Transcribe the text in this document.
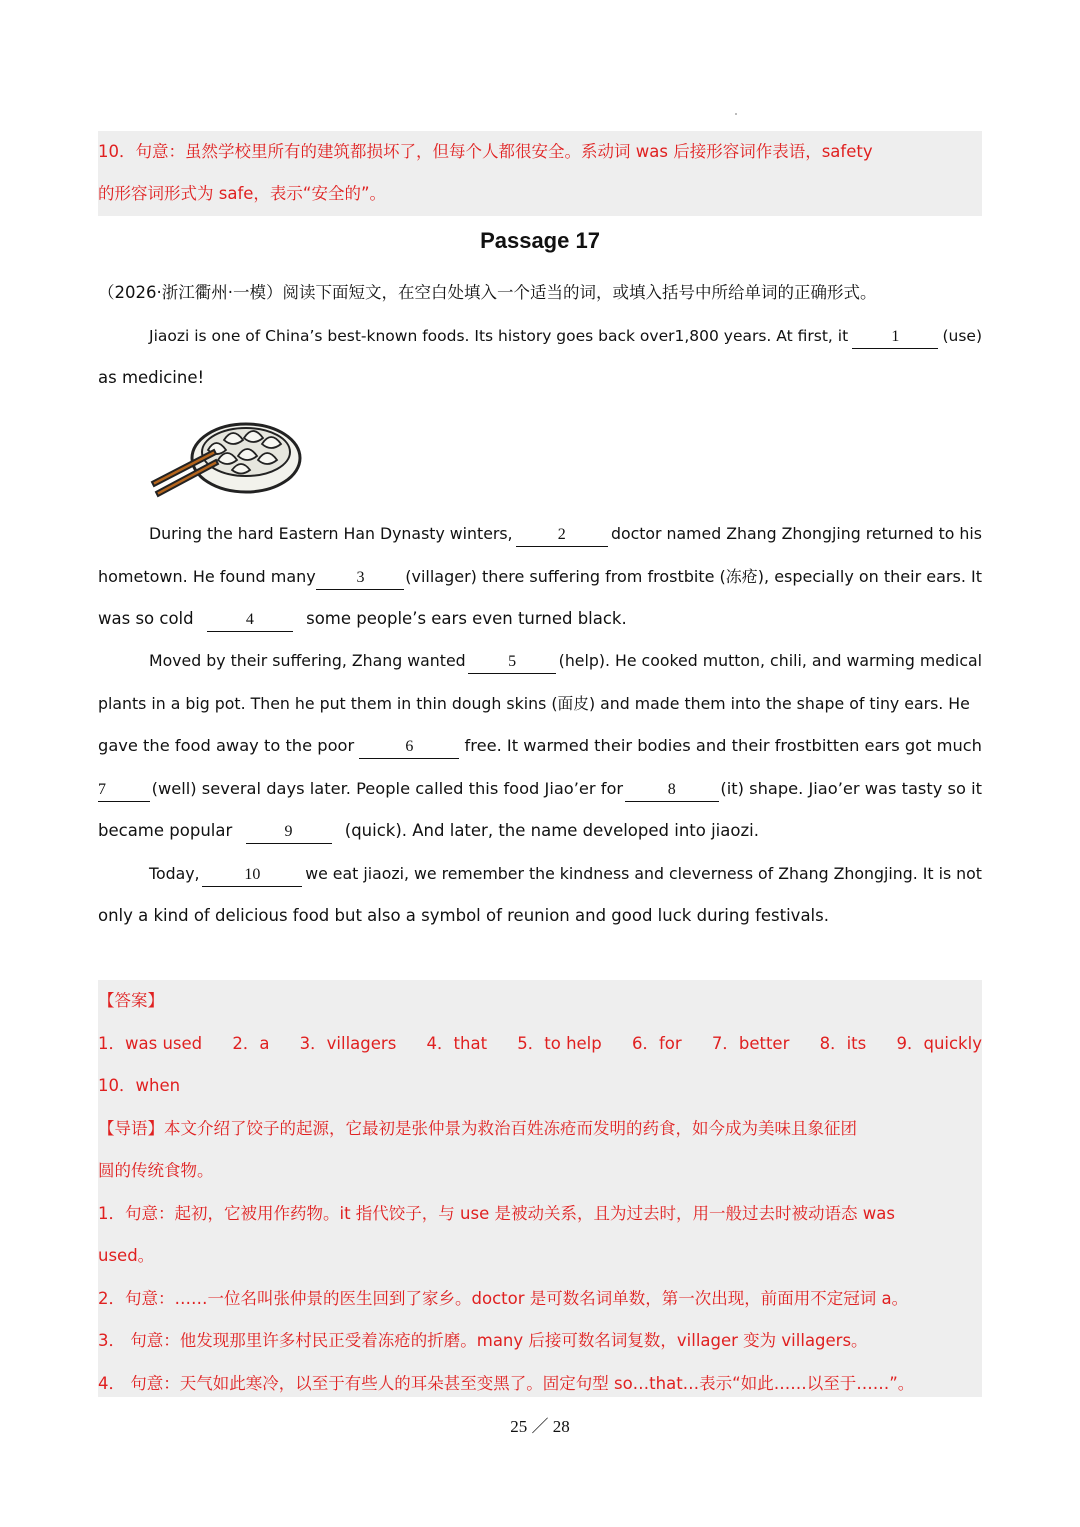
10．句意：虽然学校里所有的建筑都损坏了，但每个人都很安全。系动词 was 后接形容词作表语，safety
的形容词形式为 safe，表示“安全的”。
Passage 17
（2026·浙江衢州·一模）阅读下面短文，在空白处填入一个适当的词，或填入括号中所给单词的正确形式。
Jiaozi is one of China’s best-known foods. Its history goes back over1,800 years. At first, it	1	(use)
as medicine!
During the hard Eastern Han Dynasty winters,	2	doctor named Zhang Zhongjing returned to his
hometown. He found many	3	(villager) there suffering from frostbite (冻疮), especially on their ears. It
was so cold	4	some people’s ears even turned black.
Moved by their suffering, Zhang wanted	5	(help). He cooked mutton, chili, and warming medical
plants in a big pot. Then he put them in thin dough skins (面皮) and made them into the shape of tiny ears. He
gave the food away to the poor	6	free. It warmed their bodies and their frostbitten ears got much
7	(well) several days later. People called this food Jiao’er for	8	(it) shape. Jiao’er was tasty so it
became popular	9	(quick). And later, the name developed into jiaozi.
Today,	10	we eat jiaozi, we remember the kindness and cleverness of Zhang Zhongjing. It is not
only a kind of delicious food but also a symbol of reunion and good luck during festivals.
【答案】
1．was used 2．a 3．villagers 4．that 5．to help 6．for 7．better 8．its 9．quickly
10．when
【导语】本文介绍了饺子的起源，它最初是张仲景为救治百姓冻疮而发明的药食，如今成为美味且象征团
圆的传统食物。
1．句意：起初，它被用作药物。it 指代饺子，与 use 是被动关系，且为过去时，用一般过去时被动语态 was
used。
2．句意：……一位名叫张仲景的医生回到了家乡。doctor 是可数名词单数，第一次出现，前面用不定冠词 a。
3． 句意：他发现那里许多村民正受着冻疮的折磨。many 后接可数名词复数，villager 变为 villagers。
4． 句意：天气如此寒冷，以至于有些人的耳朵甚至变黑了。固定句型 so…that…表示“如此……以至于……”。
25 ／ 28
